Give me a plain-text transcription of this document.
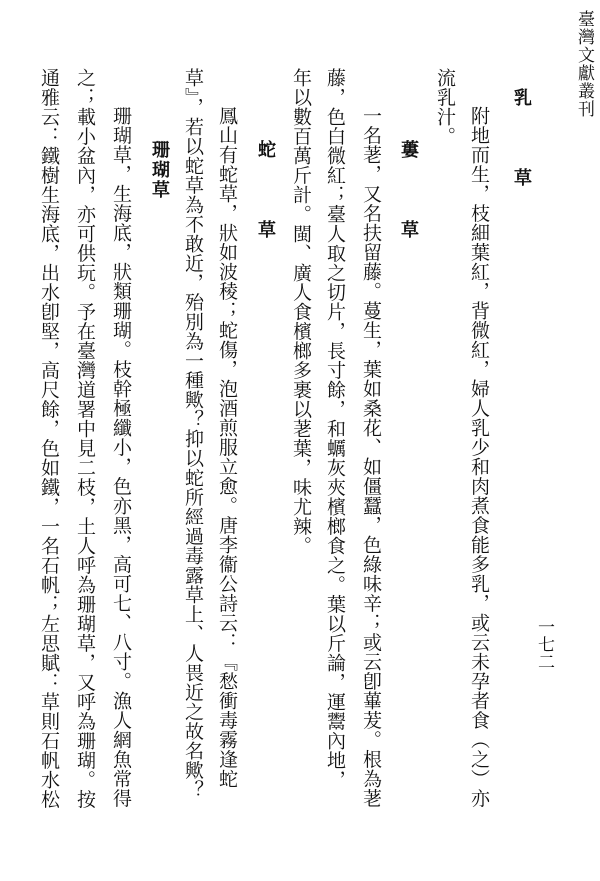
臺灣文獻叢刊
一七二
乳　草
附地而生，枝細葉紅，背微紅，婦人乳少和肉煮食能多乳，或云未孕者食（之）亦
流乳汁。
蔞　草
一名荖，又名扶留藤。蔓生，葉如桑花、如僵蠶，色綠味辛；或云卽蓽茇。根為荖
藤，色白微紅；臺人取之切片，長寸餘，和蠣灰夾檳榔食之。葉以斤論，運鬻內地，
年以數百萬斤計。閩、廣人食檳榔多裹以荖葉，味尤辣。
蛇　草
鳳山有蛇草，狀如波稜；蛇傷，泡酒煎服立愈。唐李衞公詩云：『愁衝毒霧逢蛇
草』，若以蛇草為不敢近，殆別為一種歟？抑以蛇所經過毒露草上、人畏近之故名歟？
珊瑚草
珊瑚草，生海底，狀類珊瑚。枝幹極纖小，色亦黑，高可七、八寸。漁人網魚常得
之；載小盆內，亦可供玩。予在臺灣道署中見二枝，土人呼為珊瑚草，又呼為珊瑚。按
通雅云：鐵樹生海底，出水卽堅，高尺餘，色如鐵，一名石帆；左思賦：草則石帆水松
